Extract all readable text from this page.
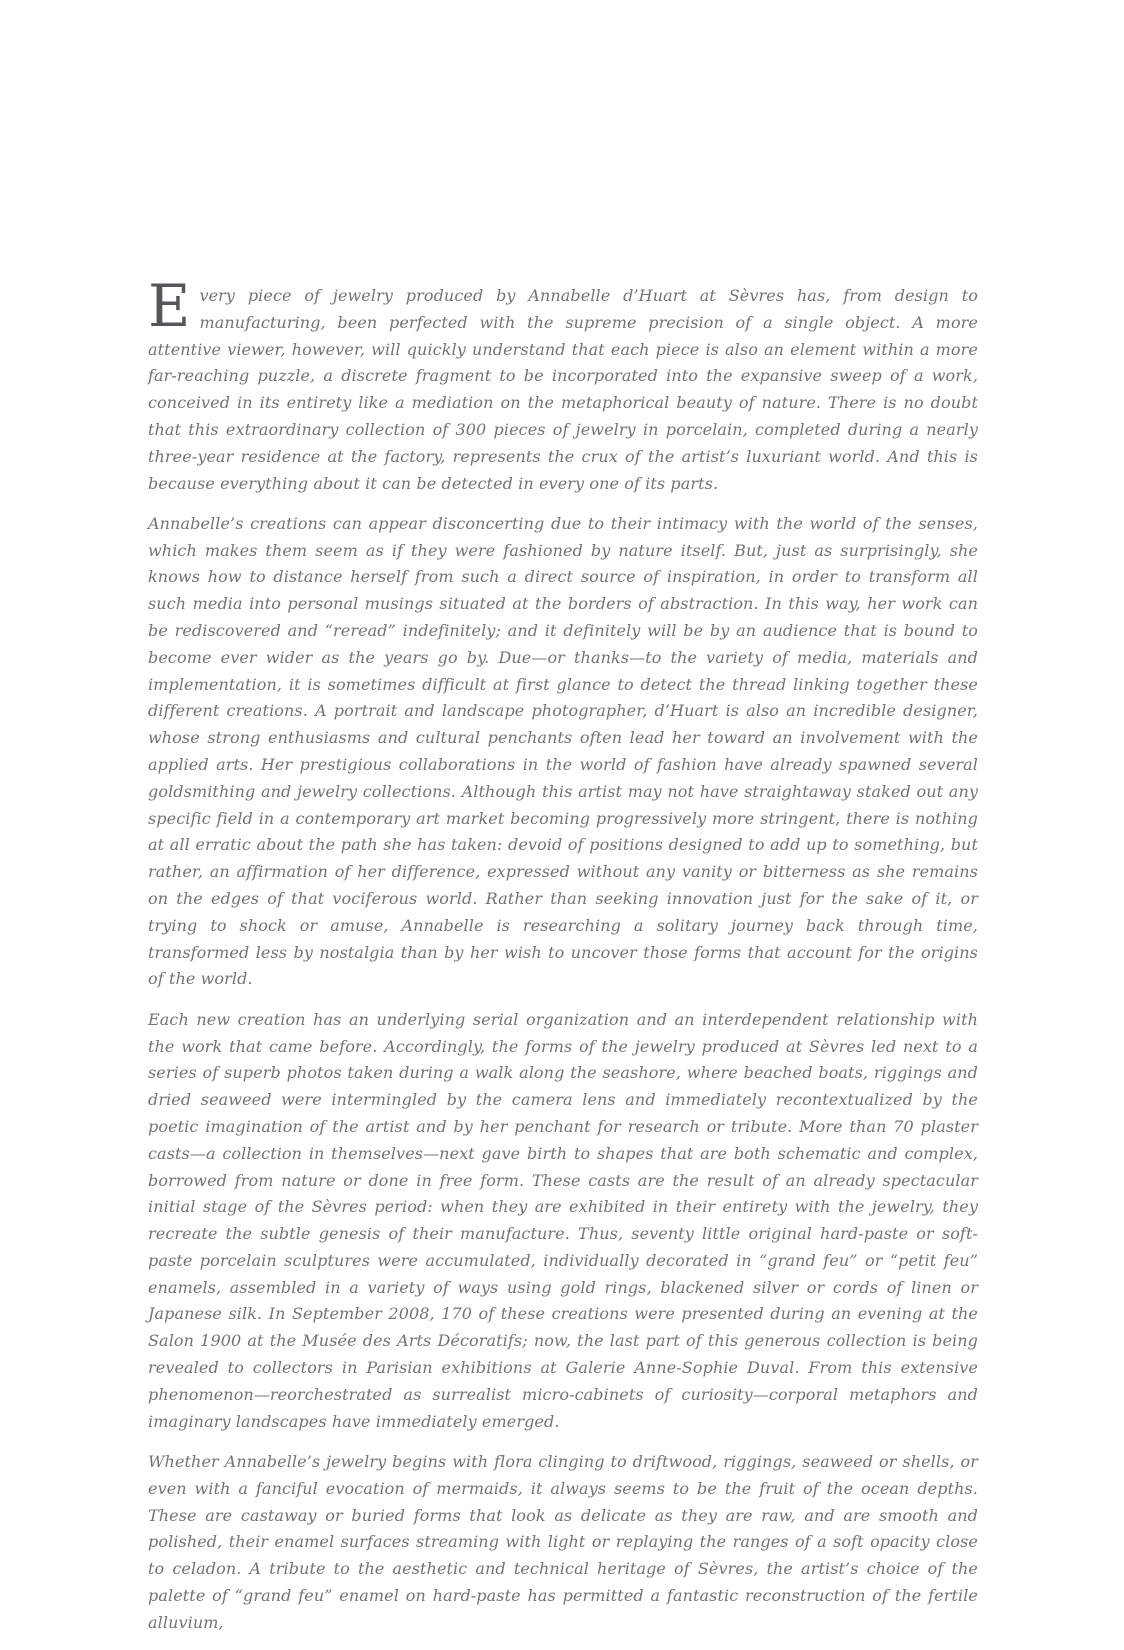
Every piece of jewelry produced by Annabelle d’Huart at Sèvres has, from design to manufacturing, been perfected with the supreme precision of a single object. A more attentive viewer, however, will quickly understand that each piece is also an element within a more far-reaching puzzle, a discrete fragment to be incorporated into the expansive sweep of a work, conceived in its entirety like a mediation on the metaphorical beauty of nature. There is no doubt that this extraordinary collection of 300 pieces of jewelry in porcelain, completed during a nearly three-year residence at the factory, represents the crux of the artist’s luxuriant world. And this is because everything about it can be detected in every one of its parts.

Annabelle’s creations can appear disconcerting due to their intimacy with the world of the senses, which makes them seem as if they were fashioned by nature itself. But, just as surprisingly, she knows how to distance herself from such a direct source of inspiration, in order to transform all such media into personal musings situated at the borders of abstraction. In this way, her work can be rediscovered and “reread” indefinitely; and it definitely will be by an audience that is bound to become ever wider as the years go by. Due—or thanks—to the variety of media, materials and implementation, it is sometimes difficult at first glance to detect the thread linking together these different creations. A portrait and landscape photographer, d’Huart is also an incredible designer, whose strong enthusiasms and cultural penchants often lead her toward an involvement with the applied arts. Her prestigious collaborations in the world of fashion have already spawned several goldsmithing and jewelry collections. Although this artist may not have straightaway staked out any specific field in a contemporary art market becoming progressively more stringent, there is nothing at all erratic about the path she has taken: devoid of positions designed to add up to something, but rather, an affirmation of her difference, expressed without any vanity or bitterness as she remains on the edges of that vociferous world. Rather than seeking innovation just for the sake of it, or trying to shock or amuse, Annabelle is researching a solitary journey back through time, transformed less by nostalgia than by her wish to uncover those forms that account for the origins of the world.

Each new creation has an underlying serial organization and an interdependent relationship with the work that came before. Accordingly, the forms of the jewelry produced at Sèvres led next to a series of superb photos taken during a walk along the seashore, where beached boats, riggings and dried seaweed were intermingled by the camera lens and immediately recontextualized by the poetic imagination of the artist and by her penchant for research or tribute. More than 70 plaster casts—a collection in themselves—next gave birth to shapes that are both schematic and complex, borrowed from nature or done in free form. These casts are the result of an already spectacular initial stage of the Sèvres period: when they are exhibited in their entirety with the jewelry, they recreate the subtle genesis of their manufacture. Thus, seventy little original hard-paste or soft-paste porcelain sculptures were accumulated, individually decorated in “grand feu” or “petit feu” enamels, assembled in a variety of ways using gold rings, blackened silver or cords of linen or Japanese silk. In September 2008, 170 of these creations were presented during an evening at the Salon 1900 at the Musée des Arts Décoratifs; now, the last part of this generous collection is being revealed to collectors in Parisian exhibitions at Galerie Anne-Sophie Duval. From this extensive phenomenon—reorchestrated as surrealist micro-cabinets of curiosity—corporal metaphors and imaginary landscapes have immediately emerged.

Whether Annabelle’s jewelry begins with flora clinging to driftwood, riggings, seaweed or shells, or even with a fanciful evocation of mermaids, it always seems to be the fruit of the ocean depths. These are castaway or buried forms that look as delicate as they are raw, and are smooth and polished, their enamel surfaces streaming with light or replaying the ranges of a soft opacity close to celadon. A tribute to the aesthetic and technical heritage of Sèvres, the artist’s choice of the palette of “grand feu” enamel on hard-paste has permitted a fantastic reconstruction of the fertile alluvium,
